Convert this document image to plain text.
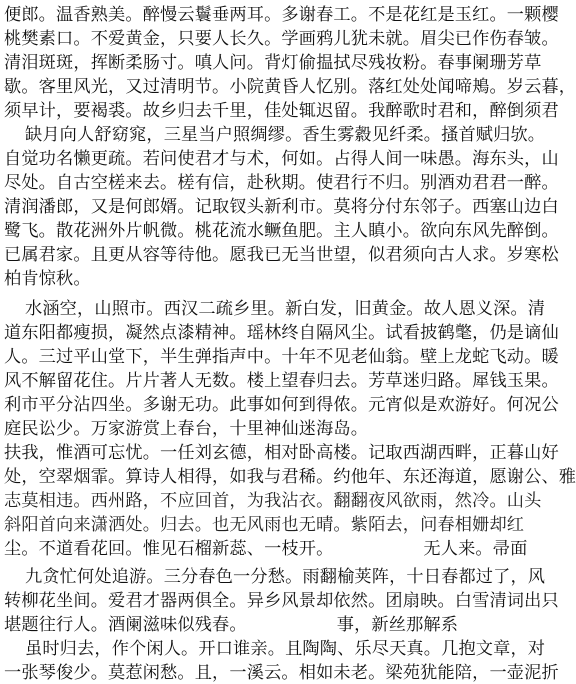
便郎。温香熟美。醉慢云鬟垂两耳。多谢春工。不是花红是玉红。一颗樱
桃樊素口。不爱黄金，只要人长久。学画鸦儿犹未就。眉尖已作伤春皱。
清泪斑斑，挥断柔肠寸。嗔人问。背灯偷揾拭尽残妆粉。春事阑珊芳草
歇。客里风光，又过清明节。小院黄昏人忆别。落红处处闻啼鴂。岁云暮，
须早计，要褐裘。故乡归去千里，佳处辄迟留。我醉歌时君和，醉倒须君
缺月向人舒窈窕，三星当户照绸缪。香生雾縠见纤柔。搔首赋归欤。
自觉功名懒更疏。若问使君才与术，何如。占得人间一味愚。海东头，山
尽处。自古空槎来去。槎有信，赴秋期。使君行不归。别酒劝君君一醉。
清润潘郎，又是何郎婿。记取钗头新利市。莫将分付东邻子。西塞山边白
鹭飞。散花洲外片帆微。桃花流水鳜鱼肥。主人瞋小。欲向东风先醉倒。
已属君家。且更从容等待他。愿我已无当世望，似君须向古人求。岁寒松
柏肯惊秋。
水涵空，山照市。西汉二疏乡里。新白发，旧黄金。故人恩义深。清
道东阳都瘦损，凝然点漆精神。瑶林终自隔风尘。试看披鹤氅，仍是谪仙
人。三过平山堂下，半生弹指声中。十年不见老仙翁。壁上龙蛇飞动。暖
风不解留花住。片片著人无数。楼上望春归去。芳草迷归路。犀钱玉果。
利市平分沾四坐。多谢无功。此事如何到得侬。元宵似是欢游好。何况公
庭民讼少。万家游赏上春台，十里神仙迷海岛。
扶我，惟酒可忘忧。一任刘玄德，相对卧高楼。记取西湖西畔，正暮山好
处，空翠烟霏。算诗人相得，如我与君稀。约他年、东还海道，愿谢公、雅
志莫相违。西州路，不应回首，为我沾衣。翻翻夜风欲雨，然冷。山头
斜阳首向来潇洒处。归去。也无风雨也无晴。紫陌去，问春相姗却红
尘。不道看花回。惟见石榴新蕊、一枝开。	无人来。帚面
九贪忙何处追游。三分春色一分愁。雨翻榆荚阵，十日春都过了，风
转柳花坐间。爱君才器两俱全。异乡风景却依然。团扇映。白雪清词出只
堪题往行人。酒阑滋味似残春。	事，新丝那解系
虽时归去，作个闲人。开口谁亲。且陶陶、乐尽天真。几抱文章，对
一张琴俊少。莫惹闲愁。且，一溪云。相如未老。梁苑犹能陪，一壶泥折
